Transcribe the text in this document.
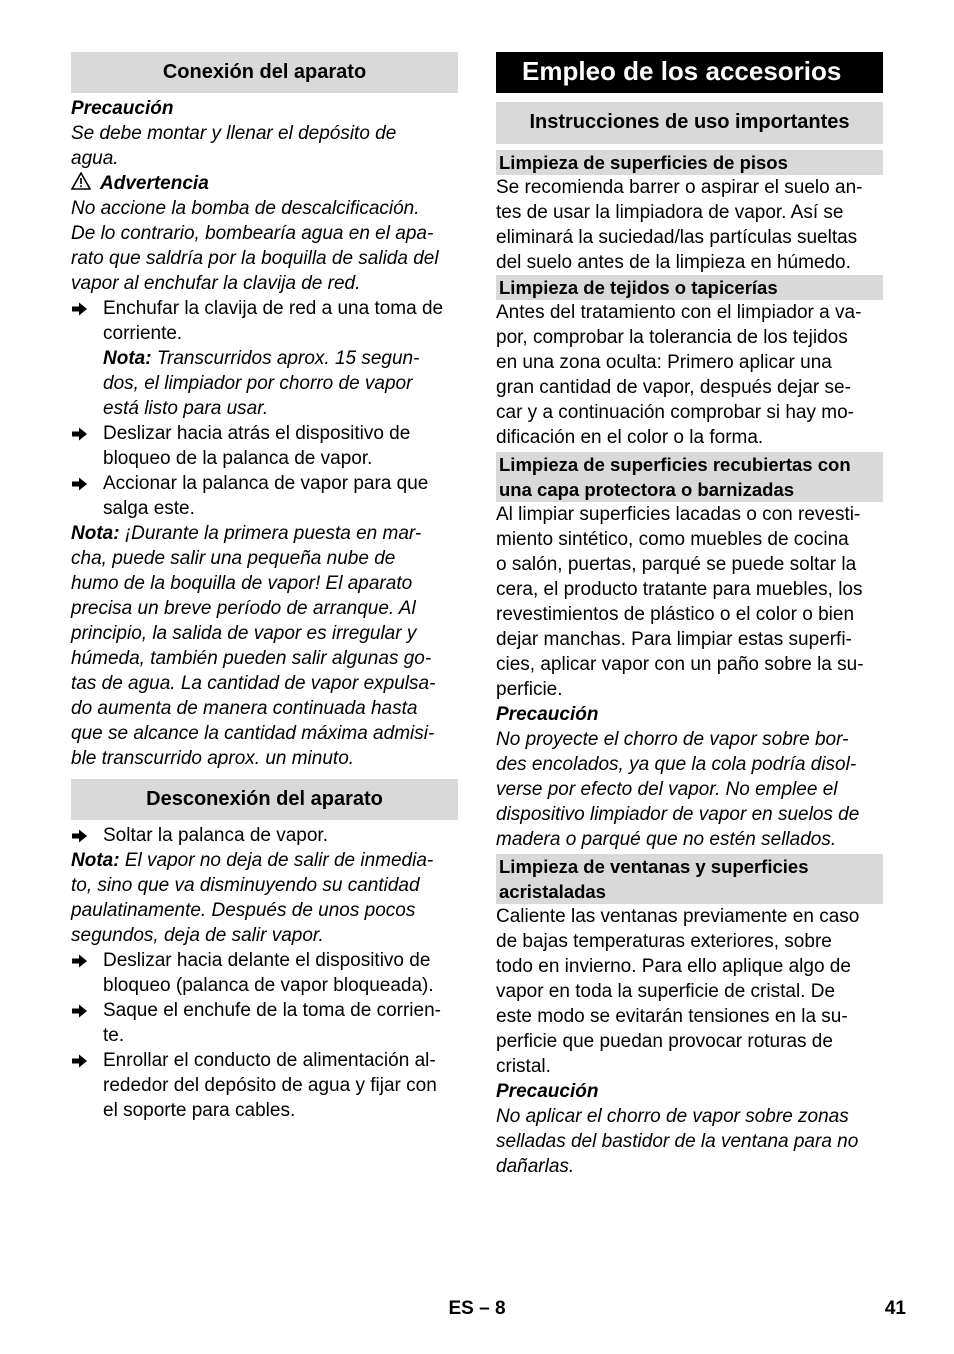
Conexión del aparato
Precaución
Se debe montar y llenar el depósito de
agua.
Advertencia
No accione la bomba de descalcificación.
De lo contrario, bombearía agua en el apa-
rato que saldría por la boquilla de salida del
vapor al enchufar la clavija de red.
Enchufar la clavija de red a una toma de
corriente.
Nota: Transcurridos aprox. 15 segun-
dos, el limpiador por chorro de vapor
está listo para usar.
Deslizar hacia atrás el dispositivo de
bloqueo de la palanca de vapor.
Accionar la palanca de vapor para que
salga este.
Nota: ¡Durante la primera puesta en mar-
cha, puede salir una pequeña nube de
humo de la boquilla de vapor! El aparato
precisa un breve período de arranque. Al
principio, la salida de vapor es irregular y
húmeda, también pueden salir algunas go-
tas de agua. La cantidad de vapor expulsa-
do aumenta de manera continuada hasta
que se alcance la cantidad máxima admisi-
ble transcurrido aprox. un minuto.
Desconexión del aparato
Soltar la palanca de vapor.
Nota: El vapor no deja de salir de inmedia-
to, sino que va disminuyendo su cantidad
paulatinamente. Después de unos pocos
segundos, deja de salir vapor.
Deslizar hacia delante el dispositivo de
bloqueo (palanca de vapor bloqueada).
Saque el enchufe de la toma de corrien-
te.
Enrollar el conducto de alimentación al-
rededor del depósito de agua y fijar con
el soporte para cables.
Empleo de los accesorios
Instrucciones de uso importantes
Limpieza de superficies de pisos
Se recomienda barrer o aspirar el suelo an-
tes de usar la limpiadora de vapor. Así se
eliminará la suciedad/las partículas sueltas
del suelo antes de la limpieza en húmedo.
Limpieza de tejidos o tapicerías
Antes del tratamiento con el limpiador a va-
por, comprobar la tolerancia de los tejidos
en una zona oculta: Primero aplicar una
gran cantidad de vapor, después dejar se-
car y a continuación comprobar si hay mo-
dificación en el color o la forma.
Limpieza de superficies recubiertas con
una capa protectora o barnizadas
Al limpiar superficies lacadas o con revesti-
miento sintético, como muebles de cocina
o salón, puertas, parqué se puede soltar la
cera, el producto tratante para muebles, los
revestimientos de plástico o el color o bien
dejar manchas. Para limpiar estas superfi-
cies, aplicar vapor con un paño sobre la su-
perficie.
Precaución
No proyecte el chorro de vapor sobre bor-
des encolados, ya que la cola podría disol-
verse por efecto del vapor. No emplee el
dispositivo limpiador de vapor en suelos de
madera o parqué que no estén sellados.
Limpieza de ventanas y superficies
acristaladas
Caliente las ventanas previamente en caso
de bajas temperaturas exteriores, sobre
todo en invierno. Para ello aplique algo de
vapor en toda la superficie de cristal. De
este modo se evitarán tensiones en la su-
perficie que puedan provocar roturas de
cristal.
Precaución
No aplicar el chorro de vapor sobre zonas
selladas del bastidor de la ventana para no
dañarlas.
ES – 8	41
